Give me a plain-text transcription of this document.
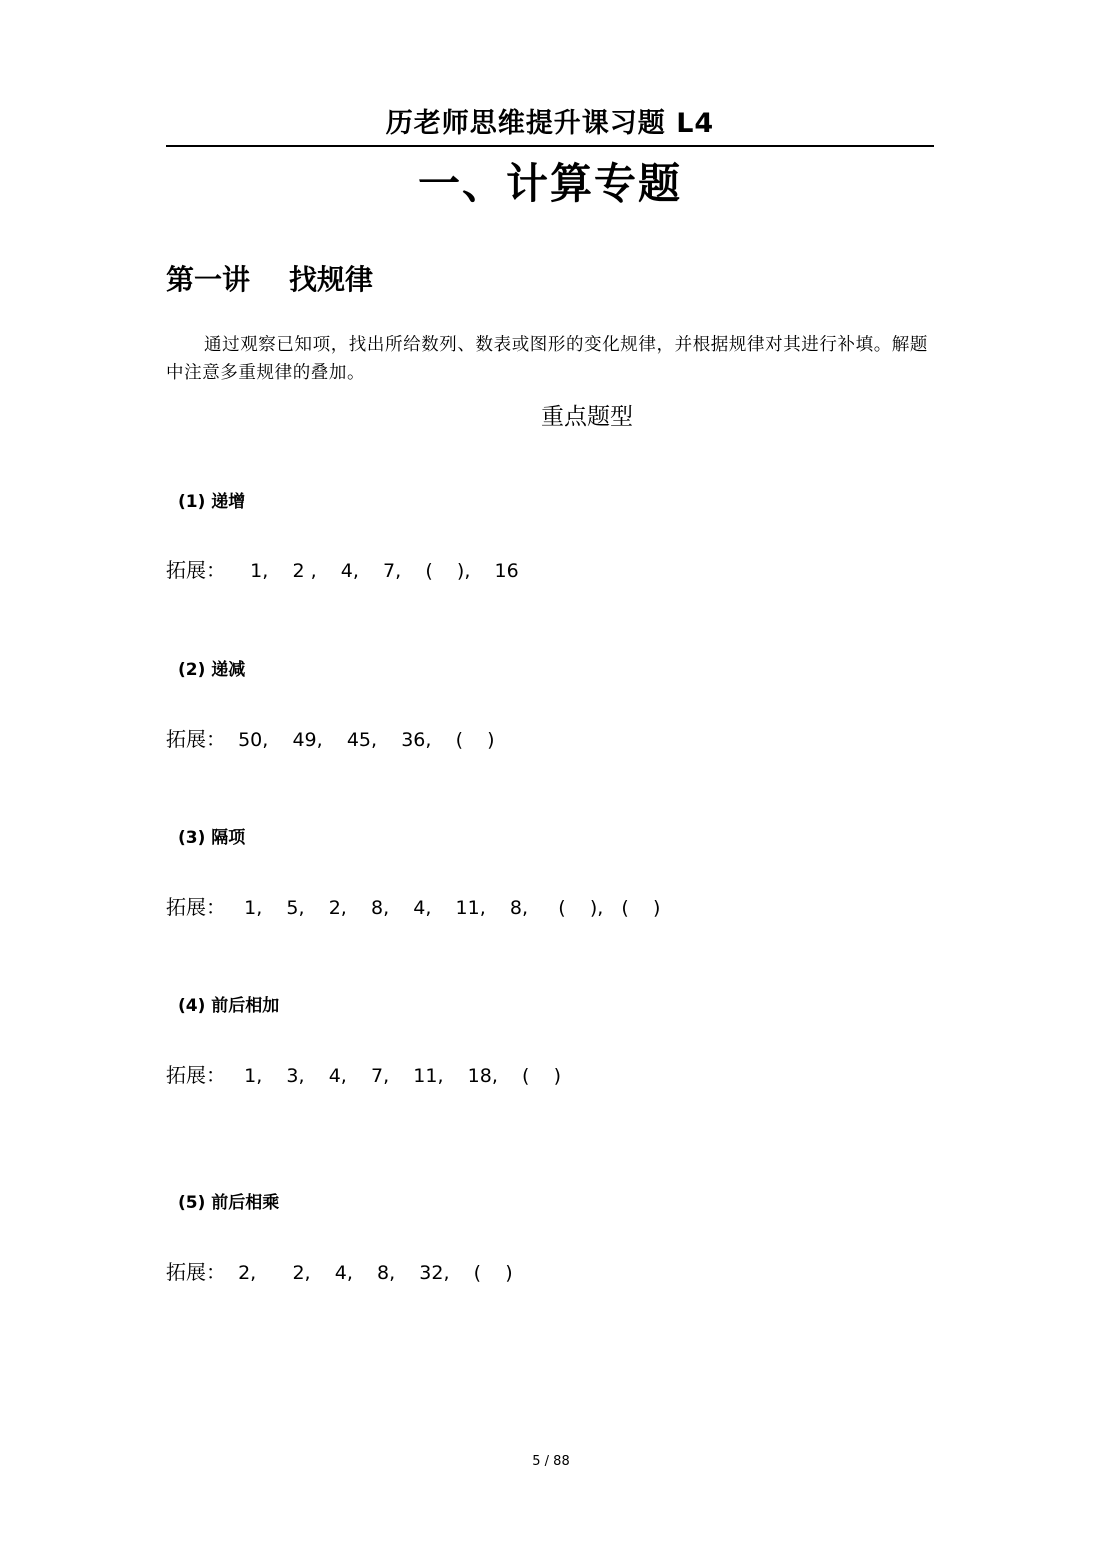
历老师思维提升课习题 L4
一、计算专题
第一讲    找规律
通过观察已知项，找出所给数列、数表或图形的变化规律，并根据规律对其进行补填。解题中注意多重规律的叠加。
重点题型
(1) 递增
拓展：    1,    2 ,    4,    7,    (    ),    16
(2) 递减
拓展：  50,    49,    45,    36,    (    )
(3) 隔项
拓展：   1,    5,    2,    8,    4,    11,    8,     (    ),   (    )
(4) 前后相加
拓展：   1,    3,    4,    7,    11,    18,    (    )
(5) 前后相乘
拓展：  2,      2,    4,    8,    32,    (    )
5 / 88
